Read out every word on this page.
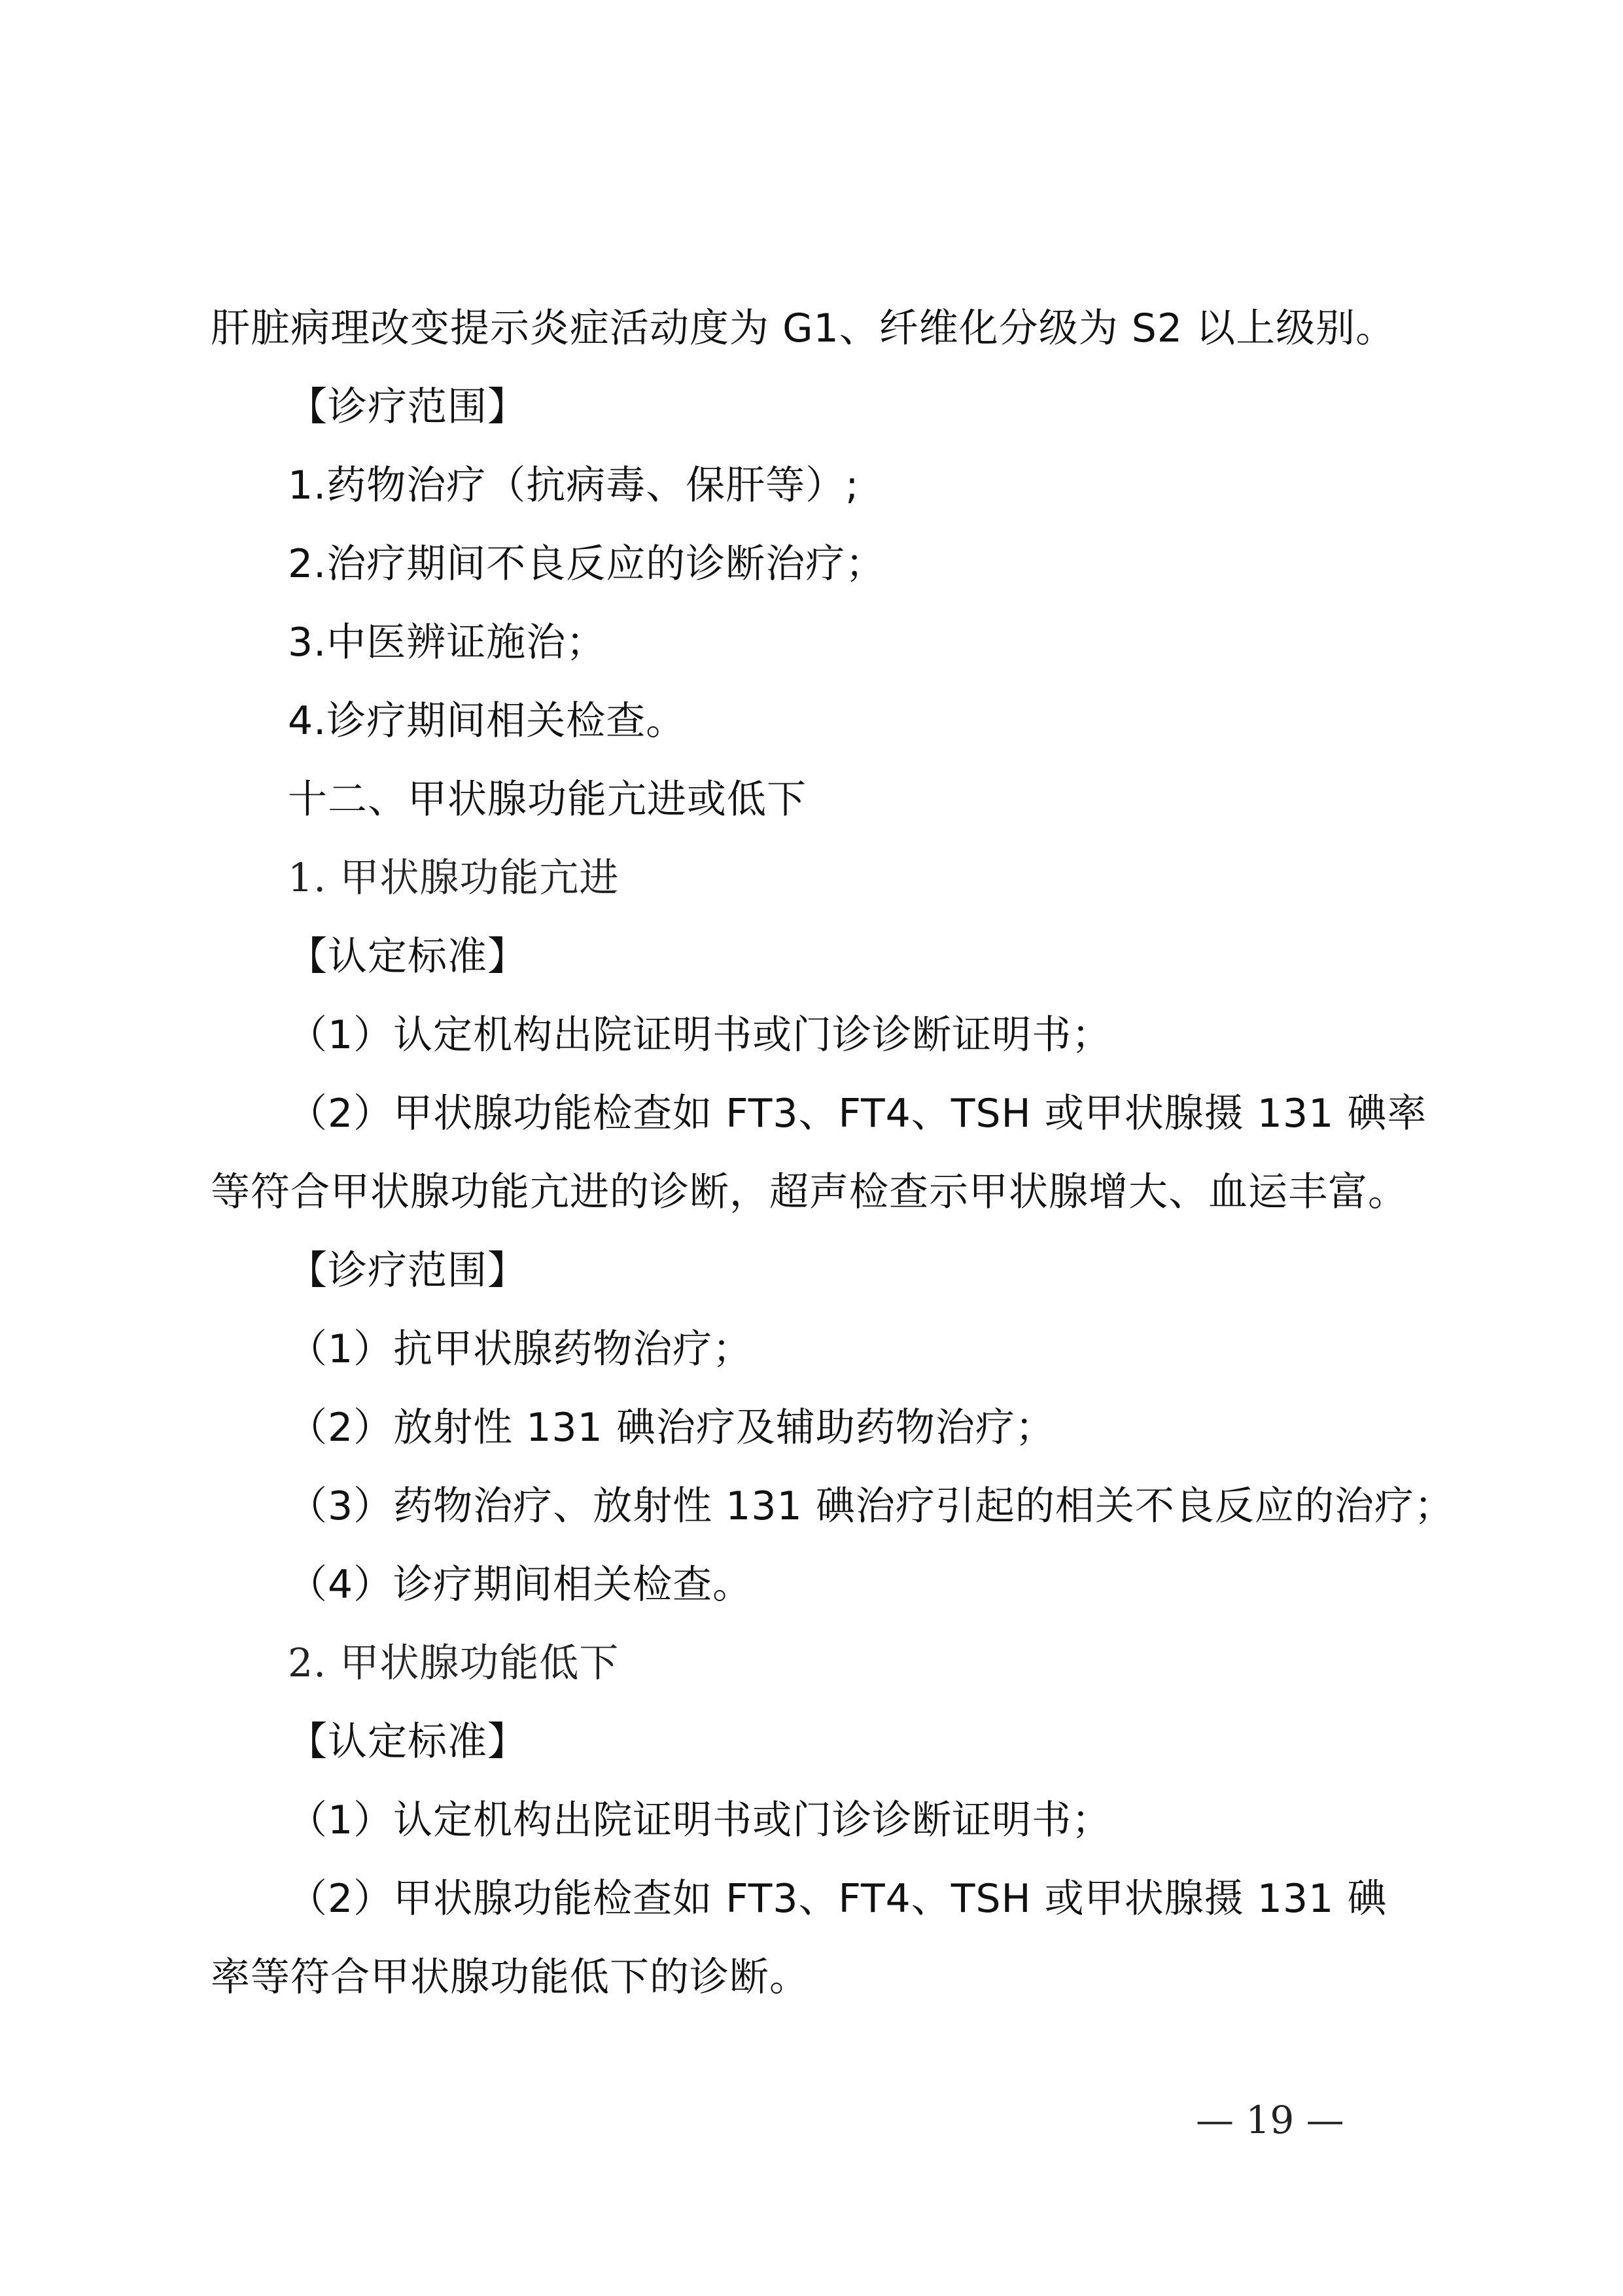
肝脏病理改变提示炎症活动度为 G1、纤维化分级为 S2 以上级别。
【诊疗范围】
1.药物治疗（抗病毒、保肝等）;
2.治疗期间不良反应的诊断治疗；
3.中医辨证施治；
4.诊疗期间相关检查。
十二、甲状腺功能亢进或低下
1. 甲状腺功能亢进
【认定标准】
（1）认定机构出院证明书或门诊诊断证明书；
（2）甲状腺功能检查如 FT3、FT4、TSH 或甲状腺摄 131 碘率
等符合甲状腺功能亢进的诊断，超声检查示甲状腺增大、血运丰富。
【诊疗范围】
（1）抗甲状腺药物治疗；
（2）放射性 131 碘治疗及辅助药物治疗；
（3）药物治疗、放射性 131 碘治疗引起的相关不良反应的治疗；
（4）诊疗期间相关检查。
2. 甲状腺功能低下
【认定标准】
（1）认定机构出院证明书或门诊诊断证明书；
（2）甲状腺功能检查如 FT3、FT4、TSH 或甲状腺摄 131 碘
率等符合甲状腺功能低下的诊断。
— 19 —
